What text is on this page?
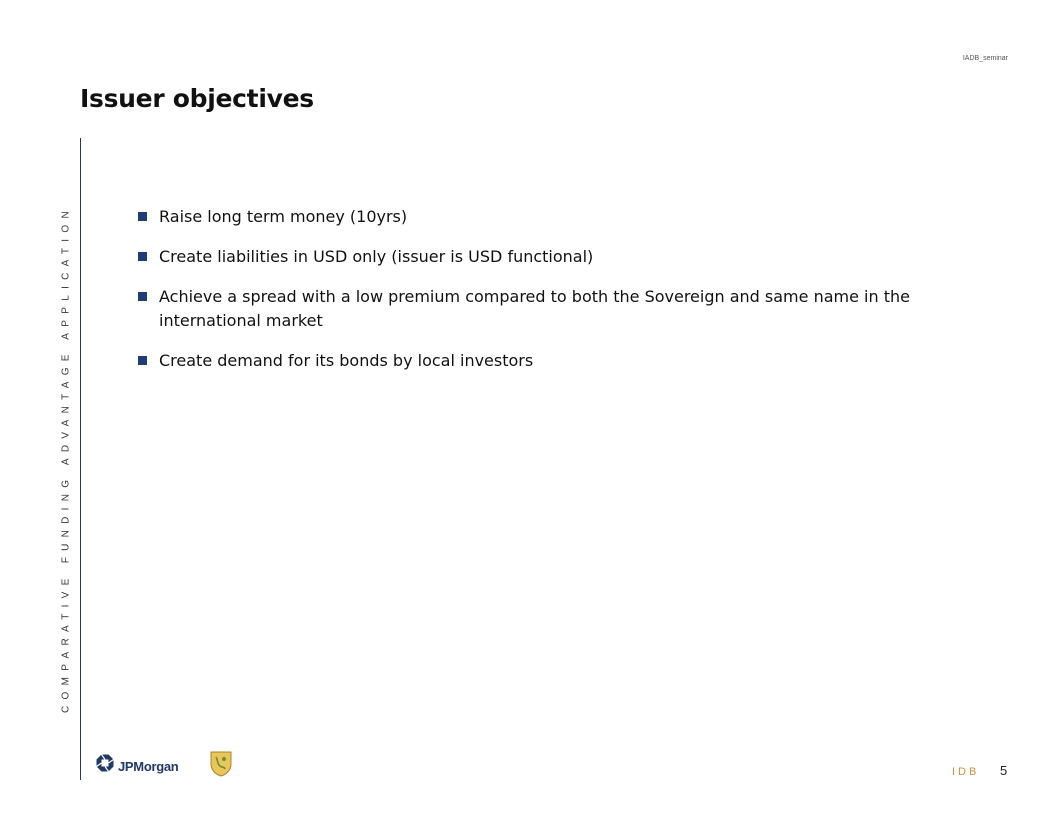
IADB_seminar
Issuer objectives
COMPARATIVE FUNDING ADVANTAGE APPLICATION	Raise long term money (10yrs)
Create liabilities in USD only (issuer is USD functional)
Achieve a spread with a low premium compared to both the Sovereign and same name in the international market
Create demand for its bonds by local investors
JPMorgan	IDB 5
